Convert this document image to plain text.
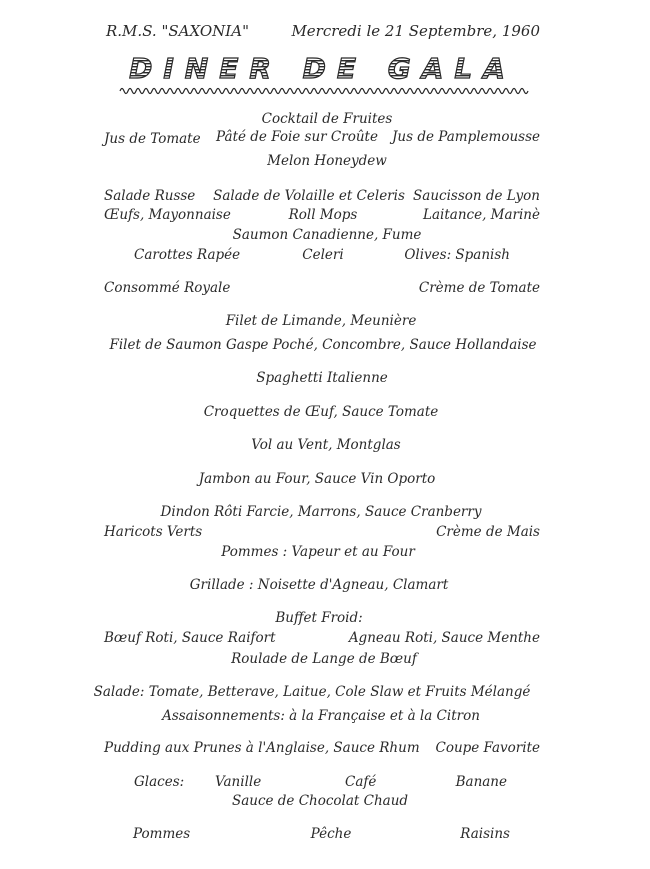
R.M.S. "SAXONIA"	Mercredi le 21 Septembre, 1960
DINER DE GALA
Cocktail de Fruites
Jus de Tomate Pâté de Foie sur Croûte Jus de Pamplemousse
Melon Honeydew
Salade Russe Salade de Volaille et Celeris Saucisson de Lyon
Œufs, Mayonnaise	Roll Mops	Laitance, Marinè
Saumon Canadienne, Fume
Carottes Rapée	Celeri	Olives: Spanish
Consommé Royale	Crème de Tomate
Filet de Limande, Meunière
Filet de Saumon Gaspe Poché, Concombre, Sauce Hollandaise
Spaghetti Italienne
Croquettes de Œuf, Sauce Tomate
Vol au Vent, Montglas
Jambon au Four, Sauce Vin Oporto
Dindon Rôti Farcie, Marrons, Sauce Cranberry
Haricots Verts	Crème de Mais
Pommes : Vapeur et au Four
Grillade : Noisette d'Agneau, Clamart
Buffet Froid:
Bœuf Roti, Sauce Raifort	Agneau Roti, Sauce Menthe
Roulade de Lange de Bœuf
Salade: Tomate, Betterave, Laitue, Cole Slaw et Fruits Mélangé
Assaisonnements: à la Française et à la Citron
Pudding aux Prunes à l'Anglaise, Sauce Rhum Coupe Favorite
Glaces: Vanille	Café	Banane
Sauce de Chocolat Chaud
Pommes	Pêche	Raisins
